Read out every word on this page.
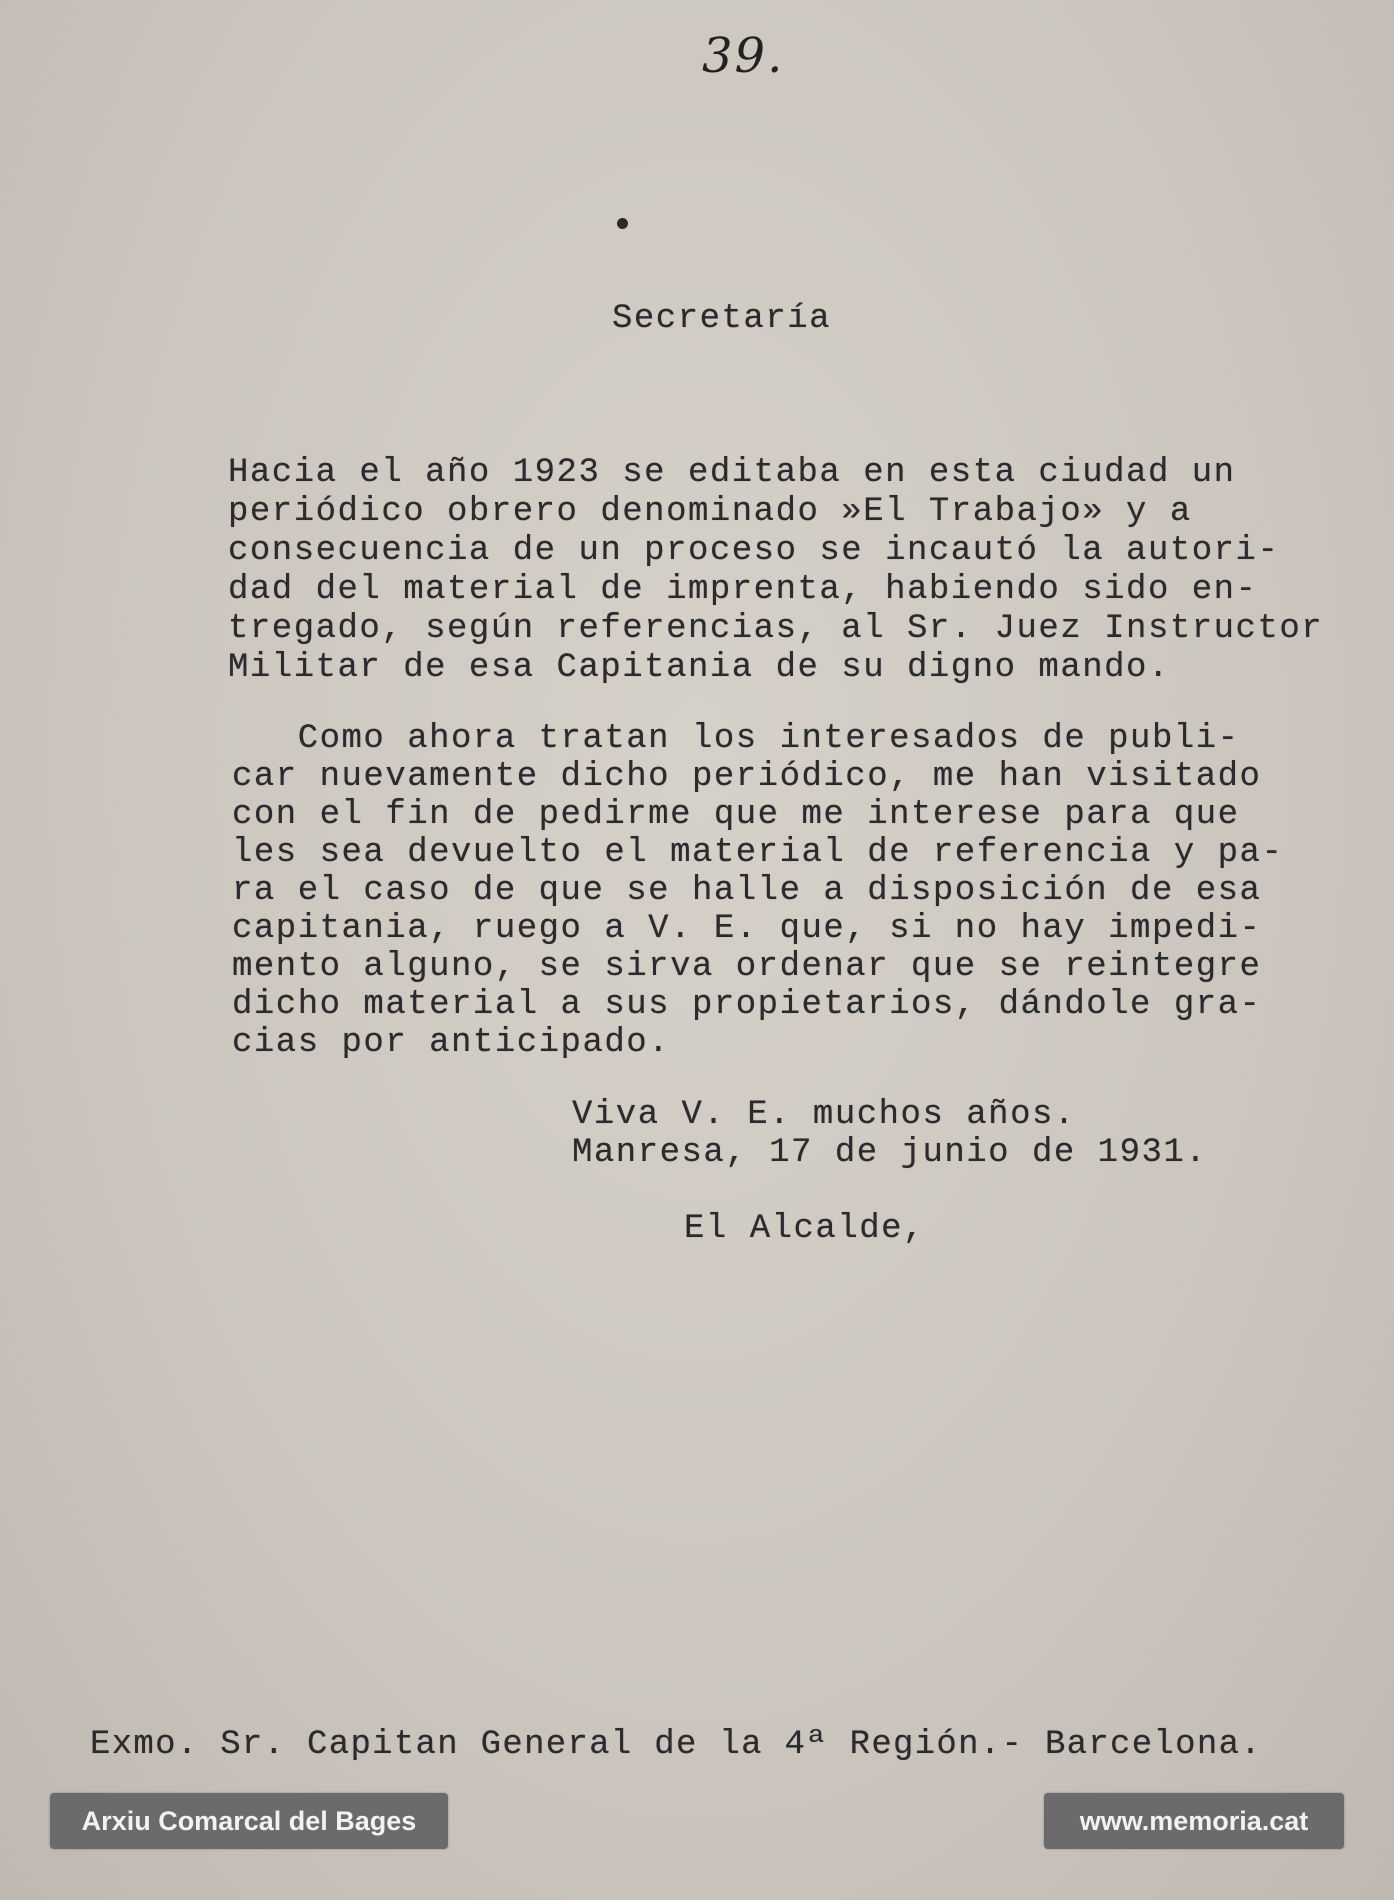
39.
Secretaría
Hacia el año 1923 se editaba en esta ciudad un
periódico obrero denominado »El Trabajo» y a
consecuencia de un proceso se incautó la autori-
dad del material de imprenta, habiendo sido en-
tregado, según referencias, al Sr. Juez Instructor
Militar de esa Capitania de su digno mando.
Como ahora tratan los interesados de publi-
car nuevamente dicho periódico, me han visitado
con el fin de pedirme que me interese para que
les sea devuelto el material de referencia y pa-
ra el caso de que se halle a disposición de esa
capitania, ruego a V. E. que, si no hay impedi-
mento alguno, se sirva ordenar que se reintegre
dicho material a sus propietarios, dándole gra-
cias por anticipado.
Viva V. E. muchos años.
Manresa, 17 de junio de 1931.
El Alcalde,
Exmo. Sr. Capitan General de la 4ª Región.- Barcelona.
Arxiu Comarcal del Bages	www.memoria.cat
